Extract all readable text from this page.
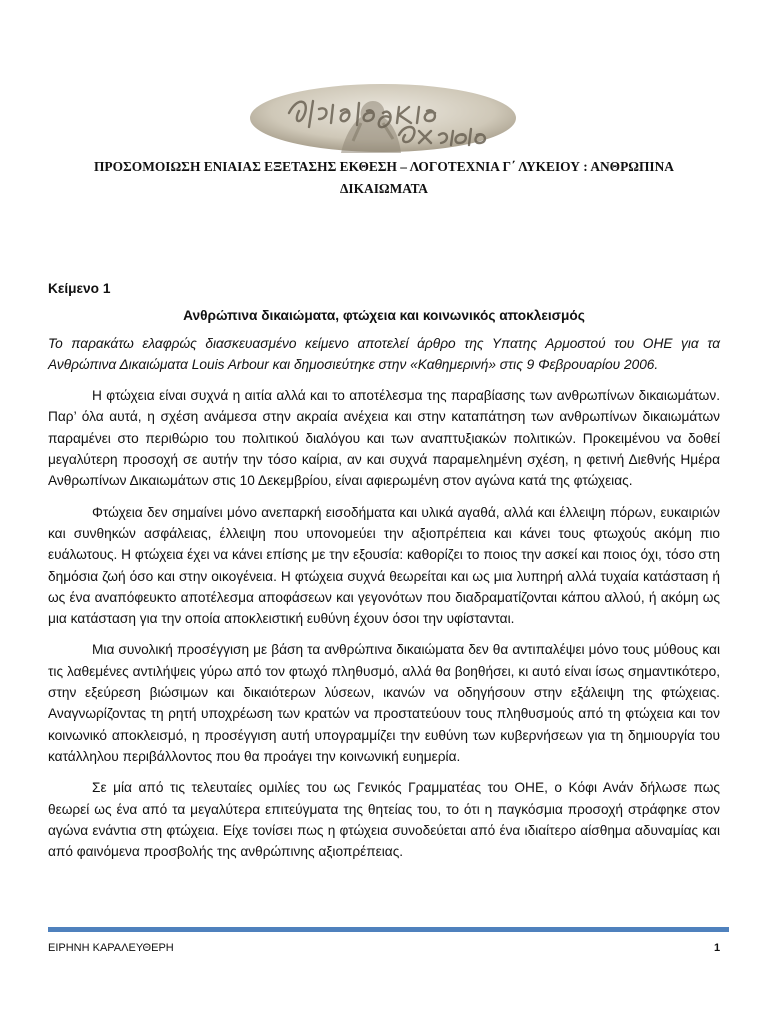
ΠΡΟΣΟΜΟΙΩΣΗ ΕΝΙΑΙΑΣ ΕΞΕΤΑΣΗΣ ΕΚΘΕΣΗ – ΛΟΓΟΤΕΧΝΙΑ Γ΄ ΛΥΚΕΙΟΥ : ΑΝΘΡΩΠΙΝΑ ΔΙΚΑΙΩΜΑΤΑ
Κείμενο 1
Ανθρώπινα δικαιώματα, φτώχεια και κοινωνικός αποκλεισμός

Το παρακάτω ελαφρώς διασκευασμένο κείμενο αποτελεί άρθρο της Υπατης Αρμοστού του ΟΗΕ για τα Ανθρώπινα Δικαιώματα Louis Arbour και δημοσιεύτηκε στην «Καθημερινή» στις 9 Φεβρουαρίου 2006.

Η φτώχεια είναι συχνά η αιτία αλλά και το αποτέλεσμα της παραβίασης των ανθρωπίνων δικαιωμάτων. Παρ’ όλα αυτά, η σχέση ανάμεσα στην ακραία ανέχεια και στην καταπάτηση των ανθρωπίνων δικαιωμάτων παραμένει στο περιθώριο του πολιτικού διαλόγου και των αναπτυξιακών πολιτικών. Προκειμένου να δοθεί μεγαλύτερη προσοχή σε αυτήν την τόσο καίρια, αν και συχνά παραμελημένη σχέση, η φετινή Διεθνής Ημέρα Ανθρωπίνων Δικαιωμάτων στις 10 Δεκεμβρίου, είναι αφιερωμένη στον αγώνα κατά της φτώχειας.

Φτώχεια δεν σημαίνει μόνο ανεπαρκή εισοδήματα και υλικά αγαθά, αλλά και έλλειψη πόρων, ευκαιριών και συνθηκών ασφάλειας, έλλειψη που υπονομεύει την αξιοπρέπεια και κάνει τους φτωχούς ακόμη πιο ευάλωτους. Η φτώχεια έχει να κάνει επίσης με την εξουσία: καθορίζει το ποιος την ασκεί και ποιος όχι, τόσο στη δημόσια ζωή όσο και στην οικογένεια. Η φτώχεια συχνά θεωρείται και ως μια λυπηρή αλλά τυχαία κατάσταση ή ως ένα αναπόφευκτο αποτέλεσμα αποφάσεων και γεγονότων που διαδραματίζονται κάπου αλλού, ή ακόμη ως μια κατάσταση για την οποία αποκλειστική ευθύνη έχουν όσοι την υφίστανται.

Μια συνολική προσέγγιση με βάση τα ανθρώπινα δικαιώματα δεν θα αντιπαλέψει μόνο τους μύθους και τις λαθεμένες αντιλήψεις γύρω από τον φτωχό πληθυσμό, αλλά θα βοηθήσει, κι αυτό είναι ίσως σημαντικότερο, στην εξεύρεση βιώσιμων και δικαιότερων λύσεων, ικανών να οδηγήσουν στην εξάλειψη της φτώχειας. Αναγνωρίζοντας τη ρητή υποχρέωση των κρατών να προστατεύουν τους πληθυσμούς από τη φτώχεια και τον κοινωνικό αποκλεισμό, η προσέγγιση αυτή υπογραμμίζει την ευθύνη των κυβερνήσεων για τη δημιουργία του κατάλληλου περιβάλλοντος που θα προάγει την κοινωνική ευημερία.

Σε μία από τις τελευταίες ομιλίες του ως Γενικός Γραμματέας του ΟΗΕ, ο Κόφι Ανάν δήλωσε πως θεωρεί ως ένα από τα μεγαλύτερα επιτεύγματα της θητείας του, το ότι η παγκόσμια προσοχή στράφηκε στον αγώνα ενάντια στη φτώχεια. Είχε τονίσει πως η φτώχεια συνοδεύεται από ένα ιδιαίτερο αίσθημα αδυναμίας και από φαινόμενα προσβολής της ανθρώπινης αξιοπρέπειας.

ΕΙΡΗΝΗ ΚΑΡΑΛΕΥΘΕΡΗ	1
